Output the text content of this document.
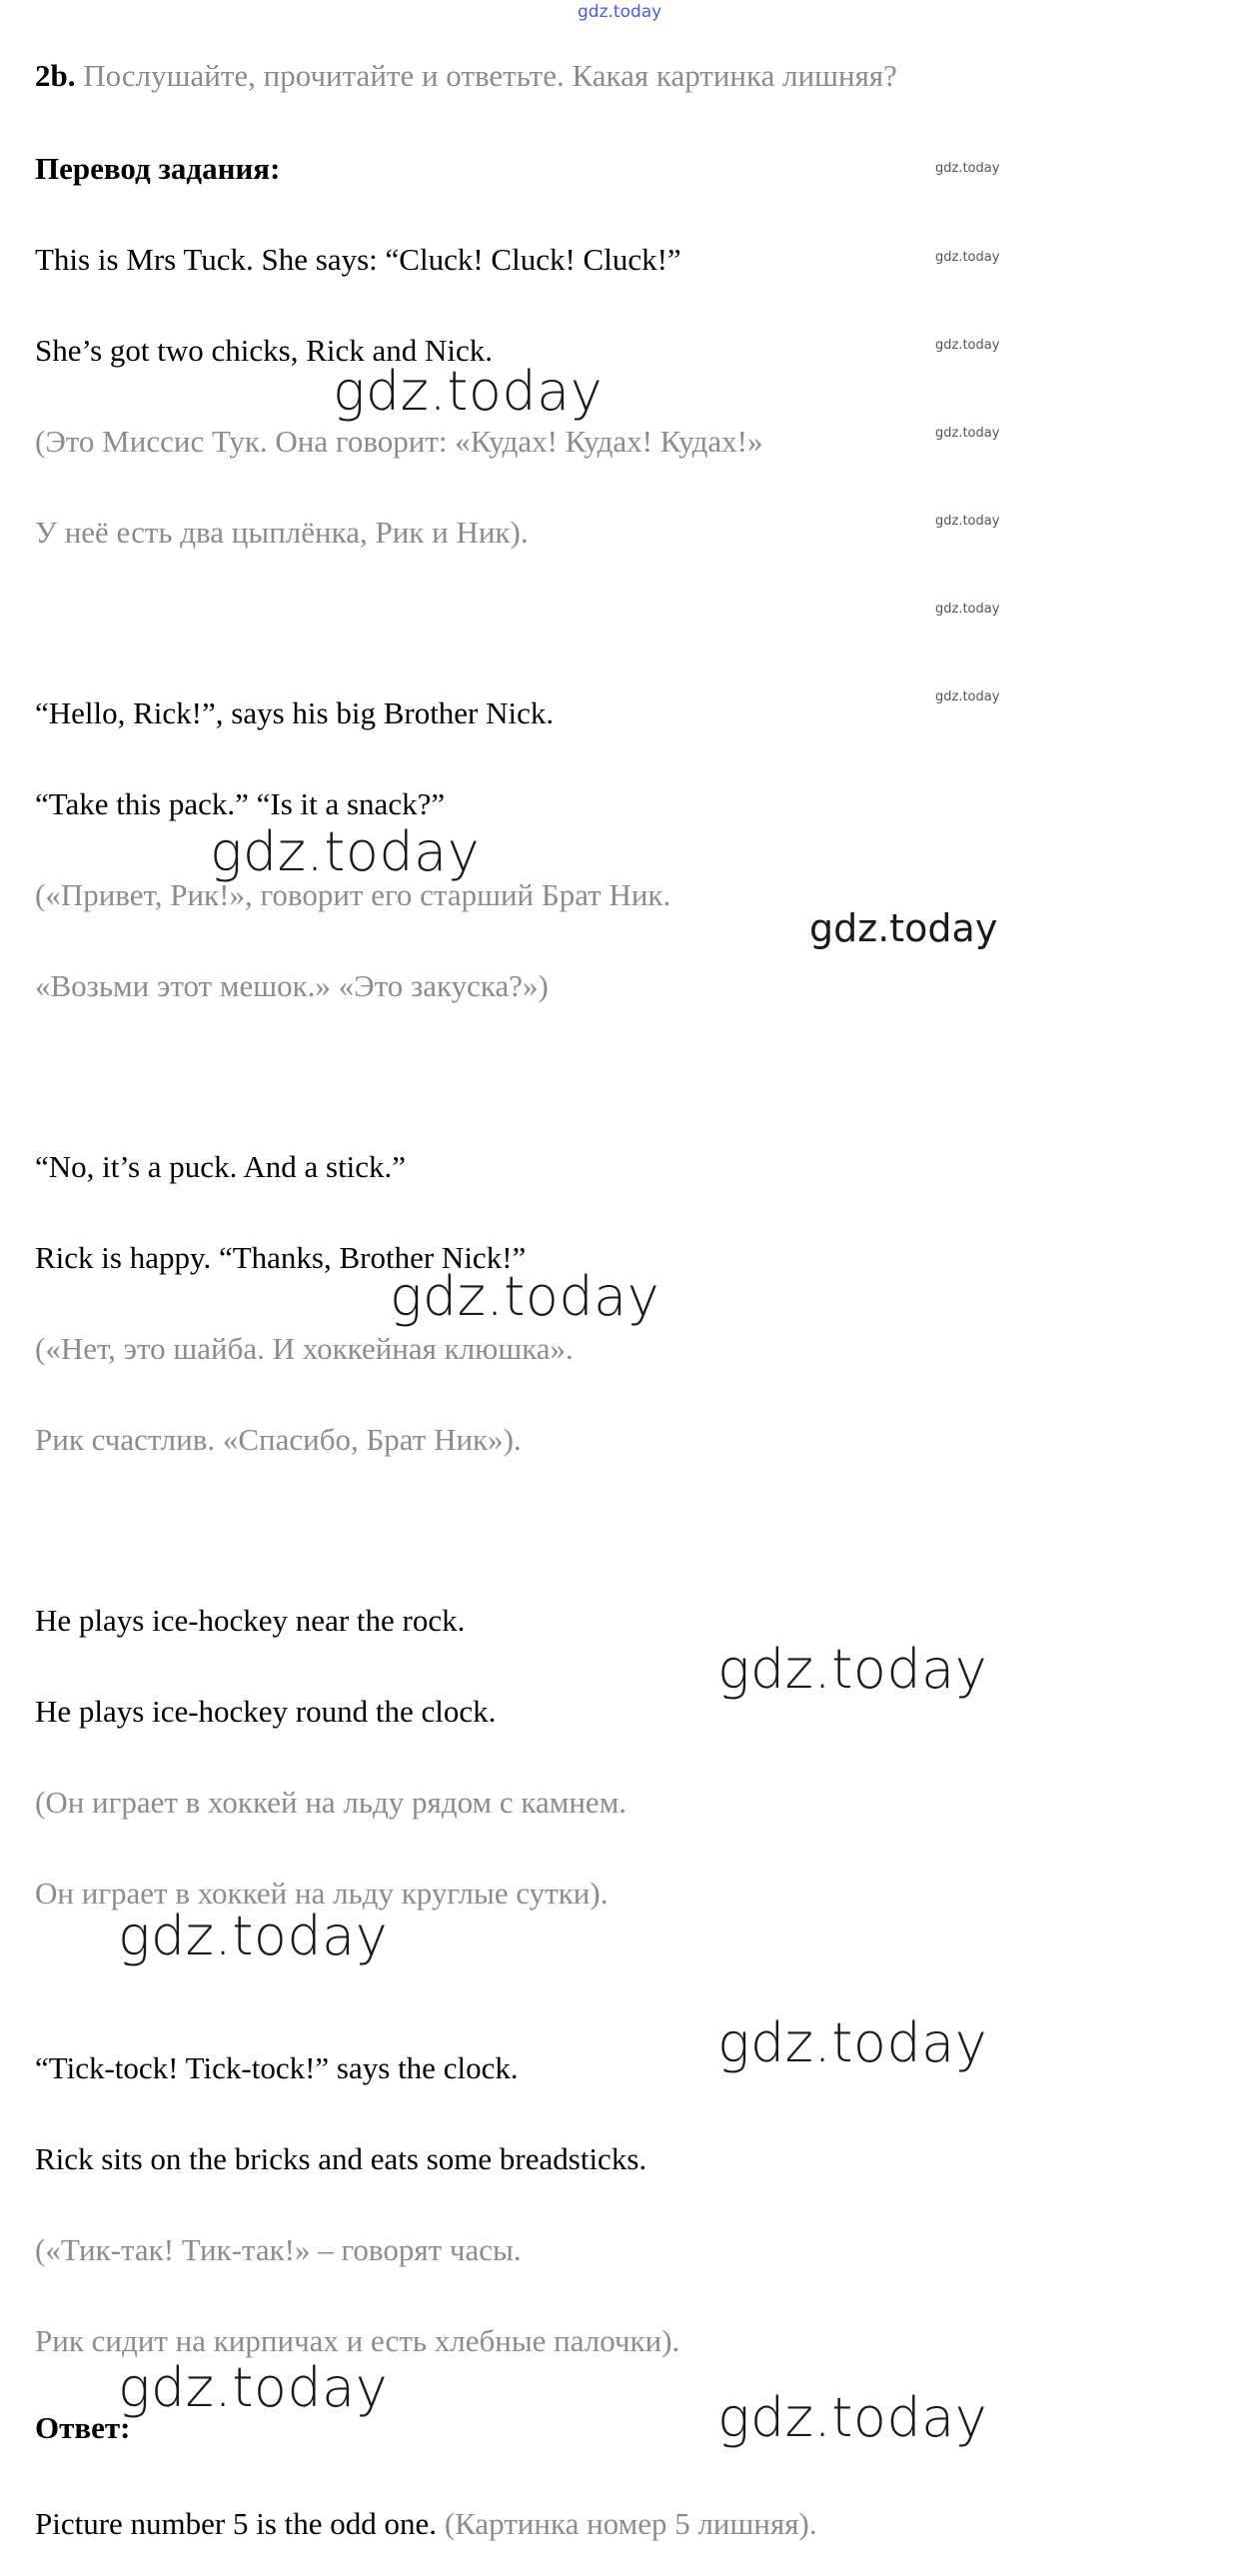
gdz.today
2b. Послушайте, прочитайте и ответьте. Какая картинка лишняя?
Перевод задания:
This is Mrs Tuck. She says: “Cluck! Cluck! Cluck!”
She’s got two chicks, Rick and Nick.
(Это Миссис Тук. Она говорит: «Кудах! Кудах! Кудах!»
У неё есть два цыплёнка, Рик и Ник).
“Hello, Rick!”, says his big Brother Nick.
“Take this pack.” “Is it a snack?”
(«Привет, Рик!», говорит его старший Брат Ник.
«Возьми этот мешок.» «Это закуска?»)
“No, it’s a puck. And a stick.”
Rick is happy. “Thanks, Brother Nick!”
(«Нет, это шайба. И хоккейная клюшка».
Рик счастлив. «Спасибо, Брат Ник»).
He plays ice-hockey near the rock.
He plays ice-hockey round the clock.
(Он играет в хоккей на льду рядом с камнем.
Он играет в хоккей на льду круглые сутки).
“Tick-tock! Tick-tock!” says the clock.
Rick sits on the bricks and eats some breadsticks.
(«Тик-так! Тик-так!» – говорят часы.
Рик сидит на кирпичах и есть хлебные палочки).
Ответ:
Picture number 5 is the odd one. (Картинка номер 5 лишняя).
gdz.today
gdz.today
gdz.today
gdz.today
gdz.today
gdz.today
gdz.today
gdz.today
gdz.today
gdz.today
gdz.today
gdz.today
gdz.today
gdz.today
gdz.today	gdz.today
